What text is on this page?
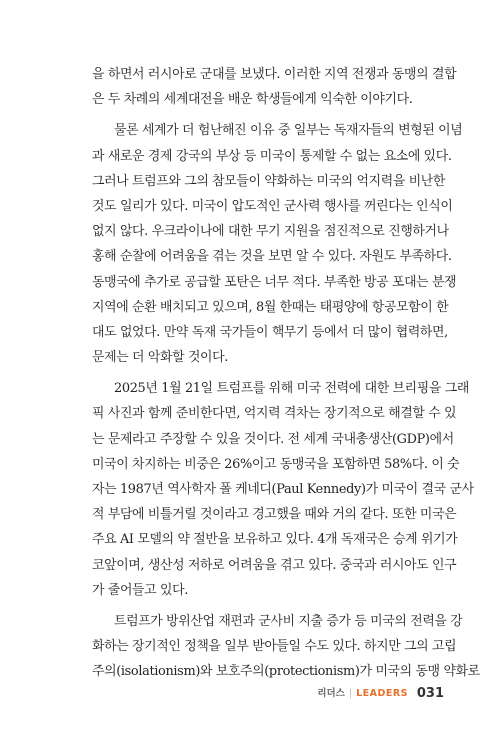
을 하면서 러시아로 군대를 보냈다. 이러한 지역 전쟁과 동맹의 결합
은 두 차례의 세계대전을 배운 학생들에게 익숙한 이야기다.
물론 세계가 더 험난해진 이유 중 일부는 독재자들의 변형된 이념
과 새로운 경제 강국의 부상 등 미국이 통제할 수 없는 요소에 있다.
그러나 트럼프와 그의 참모들이 약화하는 미국의 억지력을 비난한
것도 일리가 있다. 미국이 압도적인 군사력 행사를 꺼린다는 인식이
없지 않다. 우크라이나에 대한 무기 지원을 점진적으로 진행하거나
홍해 순찰에 어려움을 겪는 것을 보면 알 수 있다. 자원도 부족하다.
동맹국에 추가로 공급할 포탄은 너무 적다. 부족한 방공 포대는 분쟁
지역에 순환 배치되고 있으며, 8월 한때는 태평양에 항공모함이 한
대도 없었다. 만약 독재 국가들이 핵무기 등에서 더 많이 협력하면,
문제는 더 악화할 것이다.
2025년 1월 21일 트럼프를 위해 미국 전력에 대한 브리핑을 그래
픽 사진과 함께 준비한다면, 억지력 격차는 장기적으로 해결할 수 있
는 문제라고 주장할 수 있을 것이다. 전 세계 국내총생산(GDP)에서
미국이 차지하는 비중은 26%이고 동맹국을 포함하면 58%다. 이 숫
자는 1987년 역사학자 폴 케네디(Paul Kennedy)가 미국이 결국 군사
적 부담에 비틀거릴 것이라고 경고했을 때와 거의 같다. 또한 미국은
주요 AI 모델의 약 절반을 보유하고 있다. 4개 독재국은 승계 위기가
코앞이며, 생산성 저하로 어려움을 겪고 있다. 중국과 러시아도 인구
가 줄어들고 있다.
트럼프가 방위산업 재편과 군사비 지출 증가 등 미국의 전력을 강
화하는 장기적인 정책을 일부 받아들일 수도 있다. 하지만 그의 고립
주의(isolationism)와 보호주의(protectionism)가 미국의 동맹 약화로
리더스 | LEADERS 031
